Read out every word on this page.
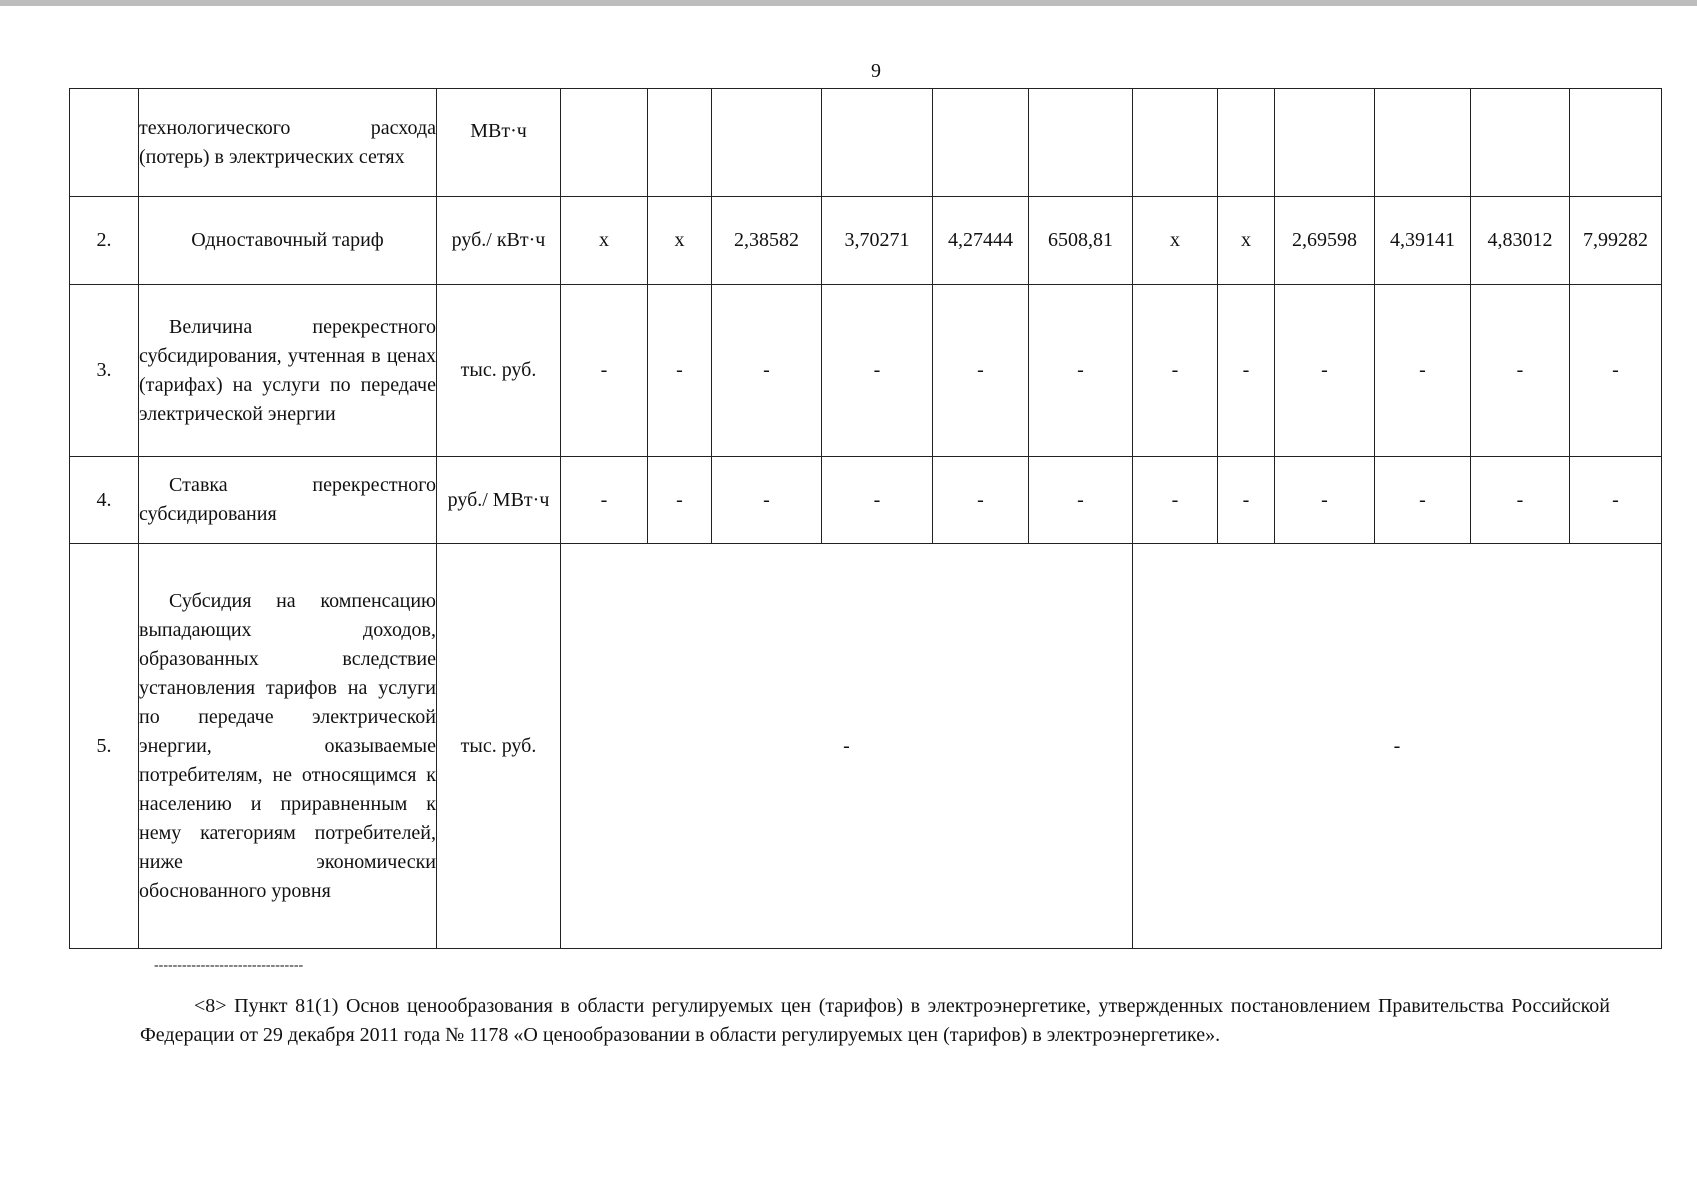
9
	технологического расхода (потерь) в электрических сетях	МВт·ч												
2.	Одноставочный тариф	руб./ кВт·ч	x	x	2,38582	3,70271	4,27444	6508,81	x	x	2,69598	4,39141	4,83012	7,99282
3.	Величина перекрестного субсидирования, учтенная в ценах (тарифах) на услуги по передаче электрической энергии	тыс. руб.	-	-	-	-	-	-	-	-	-	-	-	-
4.	Ставка перекрестного субсидирования	руб./ МВт·ч	-	-	-	-	-	-	-	-	-	-	-	-
5.	Субсидия на компенсацию выпадающих доходов, образованных вследствие установления тарифов на услуги по передаче электрической энергии, оказываемые потребителям, не относящимся к населению и приравненным к нему категориям потребителей, ниже экономически обоснованного уровня	тыс. руб.	-						-					
--------------------------------
<8> Пункт 81(1) Основ ценообразования в области регулируемых цен (тарифов) в электроэнергетике, утвержденных постановлением Правительства Российской Федерации от 29 декабря 2011 года № 1178 «О ценообразовании в области регулируемых цен (тарифов) в электроэнергетике».
